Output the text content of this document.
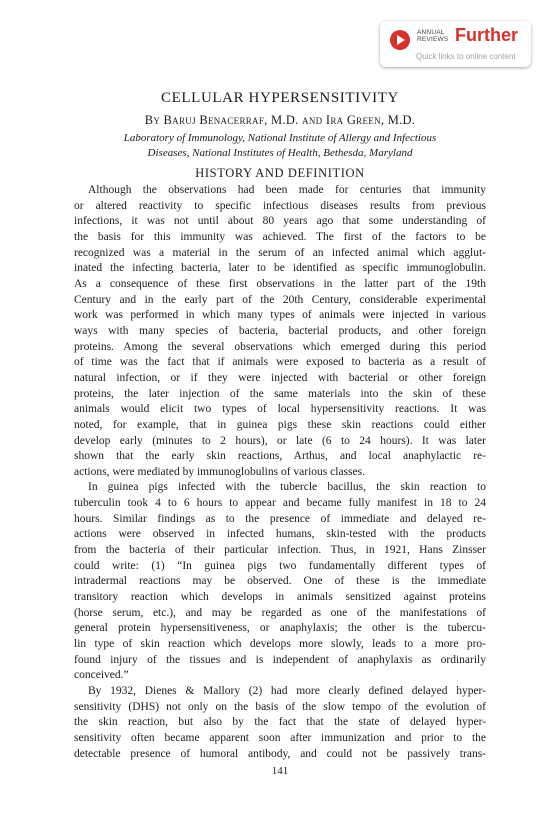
ANNUAL
REVIEWS Further
Quick links to online content
CELLULAR HYPERSENSITIVITY
By Baruj Benacerraf, M.D. and Ira Green, M.D.
Laboratory of Immunology, National Institute of Allergy and Infectious
Diseases, National Institutes of Health, Bethesda, Maryland
HISTORY AND DEFINITION
Although the observations had been made for centuries that immunity
or altered reactivity to specific infectious diseases results from previous
infections, it was not until about 80 years ago that some understanding of
the basis for this immunity was achieved. The first of the factors to be
recognized was a material in the serum of an infected animal which agglut-
inated the infecting bacteria, later to be identified as specific immunoglobulin.
As a consequence of these first observations in the latter part of the 19th
Century and in the early part of the 20th Century, considerable experimental
work was performed in which many types of animals were injected in various
ways with many species of bacteria, bacterial products, and other foreign
proteins. Among the several observations which emerged during this period
of time was the fact that if animals were exposed to bacteria as a result of
natural infection, or if they were injected with bacterial or other foreign
proteins, the later injection of the same materials into the skin of these
animals would elicit two types of local hypersensitivity reactions. It was
noted, for example, that in guinea pigs these skin reactions could either
develop early (minutes to 2 hours), or late (6 to 24 hours). It was later
shown that the early skin reactions, Arthus, and local anaphylactic re-
actions, were mediated by immunoglobulins of various classes.
In guinea pigs infected with the tubercle bacillus, the skin reaction to
tuberculin took 4 to 6 hours to appear and became fully manifest in 18 to 24
hours. Similar findings as to the presence of immediate and delayed re-
actions were observed in infected humans, skin-tested with the products
from the bacteria of their particular infection. Thus, in 1921, Hans Zinsser
could write: (1) “In guinea pigs two fundamentally different types of
intradermal reactions may be observed. One of these is the immediate
transitory reaction which develops in animals sensitized against proteins
(horse serum, etc.), and may be regarded as one of the manifestations of
general protein hypersensitiveness, or anaphylaxis; the other is the tubercu-
lin type of skin reaction which develops more slowly, leads to a more pro-
found injury of the tissues and is independent of anaphylaxis as ordinarily
conceived.”
By 1932, Dienes & Mallory (2) had more clearly defined delayed hyper-
sensitivity (DHS) not only on the basis of the slow tempo of the evolution of
the skin reaction, but also by the fact that the state of delayed hyper-
sensitivity often became apparent soon after immunization and prior to the
detectable presence of humoral antibody, and could not be passively trans-
141
